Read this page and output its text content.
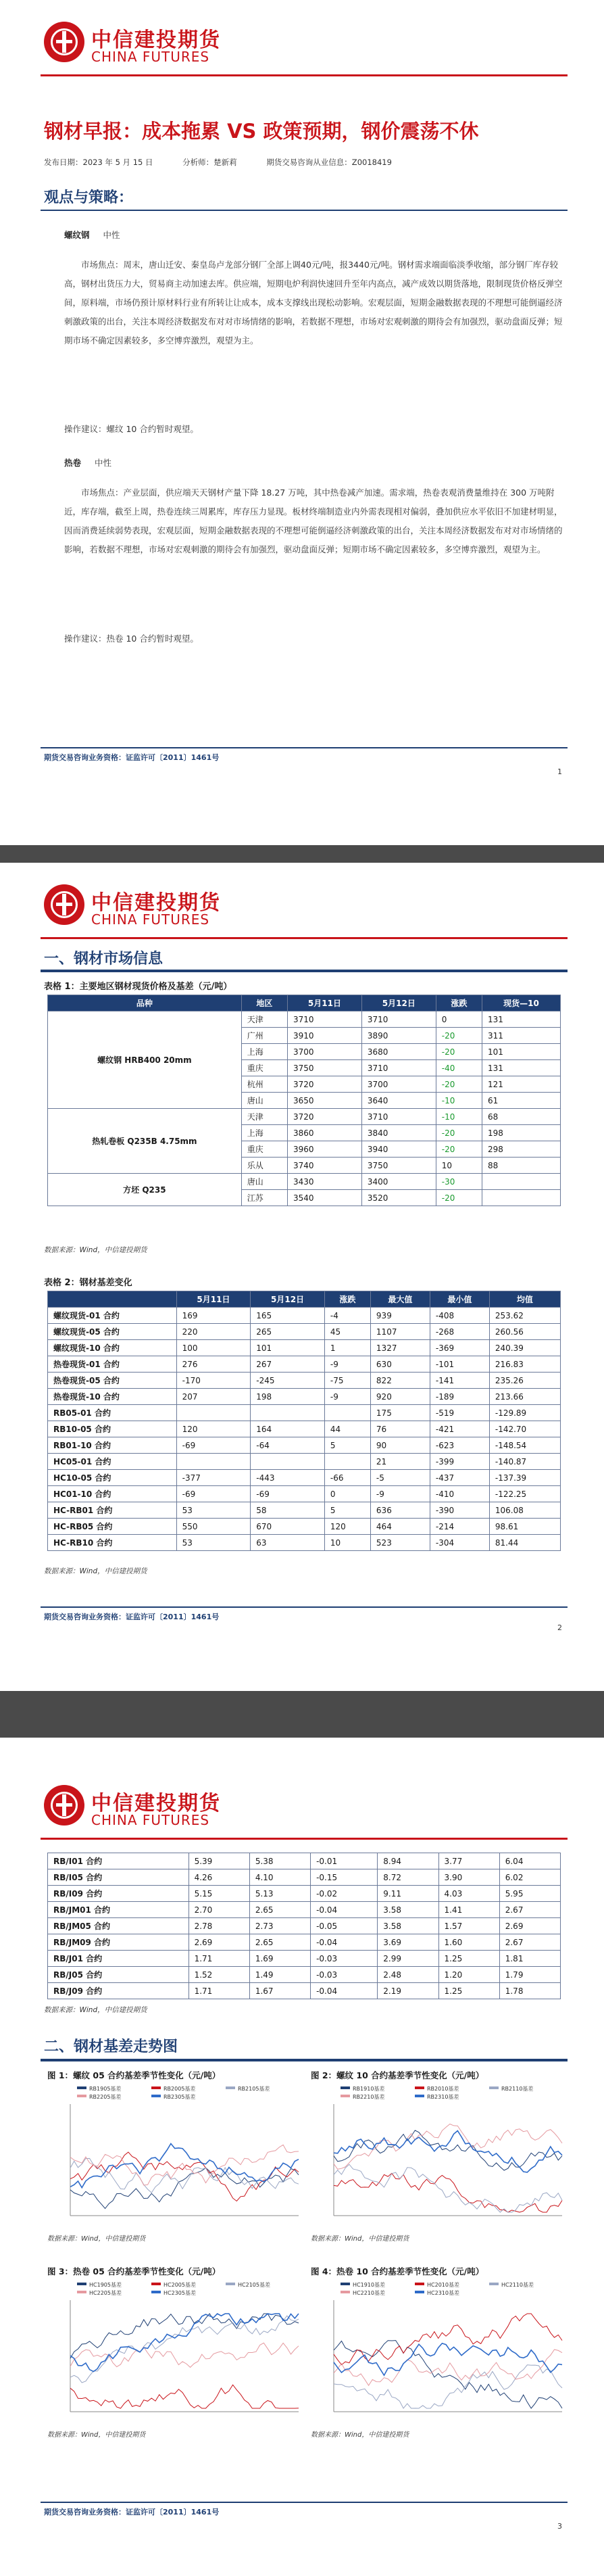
中信建投期货
CHINA FUTURES
钢材早报：成本拖累 VS 政策预期，钢价震荡不休
发布日期：2023 年 5 月 15 日	分析师：楚新莉	期货交易咨询从业信息：Z0018419
观点与策略：
螺纹钢 中性
市场焦点：周末，唐山迁安、秦皇岛卢龙部分钢厂全部上调40元/吨，报3440元/吨。钢材需求端面临淡季收缩，部分钢厂库存较高，钢材出货压力大，贸易商主动加速去库。供应端，短期电炉利润快速回升至年内高点，减产成效以期货落地，限制现货价格反弹空间，原料端，市场仍预计原材料行业有所转让让成本，成本支撑线出现松动影响。宏观层面，短期金融数据表现的不理想可能倒逼经济刺激政策的出台，关注本周经济数据发布对对市场情绪的影响，若数据不理想，市场对宏观刺激的期待会有加强烈，驱动盘面反弹；短期市场不确定因素较多，多空博弈激烈，观望为主。
操作建议：螺纹 10 合约暂时观望。
热卷 中性
市场焦点：产业层面，供应端天天钢材产量下降 18.27 万吨，其中热卷减产加速。需求端，热卷表观消费量维持在 300 万吨附近，库存端，截至上周，热卷连续三周累库，库存压力显现。板材终端制造业内外需表现相对偏弱，叠加供应水平依旧不加建材明显，因而消费延续弱势表现，宏观层面，短期金融数据表现的不理想可能倒逼经济刺激政策的出台，关注本周经济数据发布对对市场情绪的影响，若数据不理想，市场对宏观刺激的期待会有加强烈，驱动盘面反弹；短期市场不确定因素较多，多空博弈激烈，观望为主。
操作建议：热卷 10 合约暂时观望。
期货交易咨询业务资格：证监许可〔2011〕1461号
1
中信建投期货
CHINA FUTURES
一、钢材市场信息
表格 1：主要地区钢材现货价格及基差（元/吨）
品种	地区	5月11日	5月12日	涨跌	现货—10
螺纹钢 HRB400 20mm	天津	3710	3710	0	131
	广州	3910	3890	-20	311
	上海	3700	3680	-20	101
	重庆	3750	3710	-40	131
	杭州	3720	3700	-20	121
	唐山	3650	3640	-10	61
热轧卷板 Q235B 4.75mm	天津	3720	3710	-10	68
	上海	3860	3840	-20	198
	重庆	3960	3940	-20	298
	乐从	3740	3750	10	88
方坯 Q235	唐山	3430	3400	-30	
	江苏	3540	3520	-20	
数据来源：Wind，中信建投期货
表格 2：钢材基差变化
	5月11日	5月12日	涨跌	最大值	最小值	均值
螺纹现货-01 合约	169	165	-4	939	-408	253.62
螺纹现货-05 合约	220	265	45	1107	-268	260.56
螺纹现货-10 合约	100	101	1	1327	-369	240.39
热卷现货-01 合约	276	267	-9	630	-101	216.83
热卷现货-05 合约	-170	-245	-75	822	-141	235.26
热卷现货-10 合约	207	198	-9	920	-189	213.66
RB05-01 合约				175	-519	-129.89
RB10-05 合约	120	164	44	76	-421	-142.70
RB01-10 合约	-69	-64	5	90	-623	-148.54
HC05-01 合约				21	-399	-140.87
HC10-05 合约	-377	-443	-66	-5	-437	-137.39
HC01-10 合约	-69	-69	0	-9	-410	-122.25
HC-RB01 合约	53	58	5	636	-390	106.08
HC-RB05 合约	550	670	120	464	-214	98.61
HC-RB10 合约	53	63	10	523	-304	81.44
数据来源：Wind，中信建投期货
期货交易咨询业务资格：证监许可〔2011〕1461号
2
中信建投期货
CHINA FUTURES
RB/I01 合约	5.39	5.38	-0.01	8.94	3.77	6.04
RB/I05 合约	4.26	4.10	-0.15	8.72	3.90	6.02
RB/I09 合约	5.15	5.13	-0.02	9.11	4.03	5.95
RB/JM01 合约	2.70	2.65	-0.04	3.58	1.41	2.67
RB/JM05 合约	2.78	2.73	-0.05	3.58	1.57	2.69
RB/JM09 合约	2.69	2.65	-0.04	3.69	1.60	2.67
RB/J01 合约	1.71	1.69	-0.03	2.99	1.25	1.81
RB/J05 合约	1.52	1.49	-0.03	2.48	1.20	1.79
RB/J09 合约	1.71	1.67	-0.04	2.19	1.25	1.78
数据来源：Wind，中信建投期货
二、钢材基差走势图
图 1：螺纹 05 合约基差季节性变化（元/吨）
RB1905基差	RB2005基差	RB2105基差
RB2205基差	RB2305基差
数据来源：Wind，中信建投期货
图 2：螺纹 10 合约基差季节性变化（元/吨）
RB1910基差	RB2010基差	RB2110基差
RB2210基差	RB2310基差
数据来源：Wind，中信建投期货
图 3：热卷 05 合约基差季节性变化（元/吨）
HC1905基差	HC2005基差	HC2105基差
HC2205基差	HC2305基差
数据来源：Wind，中信建投期货
图 4：热卷 10 合约基差季节性变化（元/吨）
HC1910基差	HC2010基差	HC2110基差
HC2210基差	HC2310基差
数据来源：Wind，中信建投期货
期货交易咨询业务资格：证监许可〔2011〕1461号
3
